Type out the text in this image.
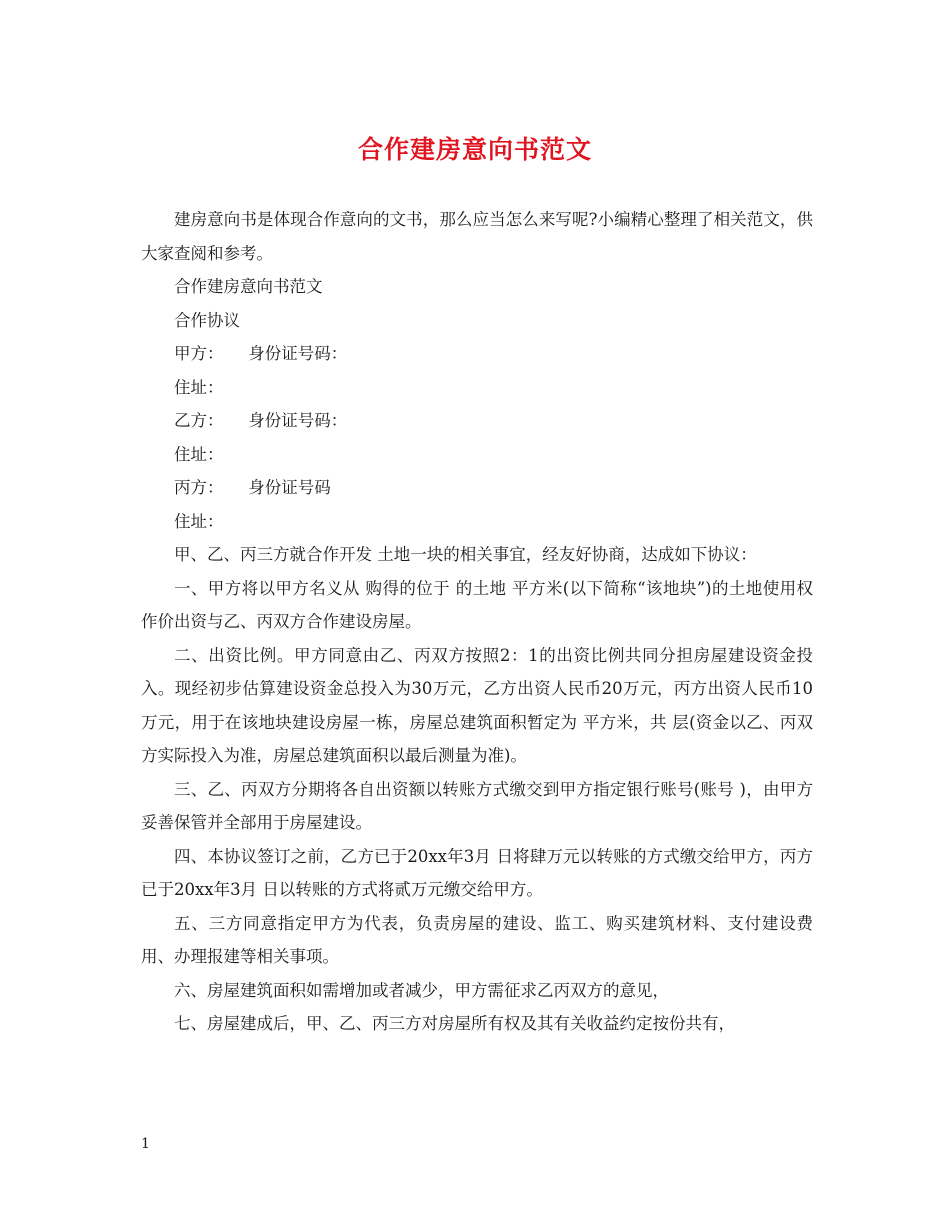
合作建房意向书范文

建房意向书是体现合作意向的文书，那么应当怎么来写呢?小编精心整理了相关范文，供大家查阅和参考。

合作建房意向书范文

合作协议

甲方： 身份证号码：

住址：

乙方： 身份证号码：

住址：

丙方： 身份证号码

住址：

甲、乙、丙三方就合作开发 土地一块的相关事宜，经友好协商，达成如下协议：

一、甲方将以甲方名义从 购得的位于 的土地 平方米(以下简称“该地块”)的土地使用权作价出资与乙、丙双方合作建设房屋。

二、出资比例。甲方同意由乙、丙双方按照2：1的出资比例共同分担房屋建设资金投入。现经初步估算建设资金总投入为30万元，乙方出资人民币20万元，丙方出资人民币10万元，用于在该地块建设房屋一栋，房屋总建筑面积暂定为 平方米，共 层(资金以乙、丙双方实际投入为准，房屋总建筑面积以最后测量为准)。

三、乙、丙双方分期将各自出资额以转账方式缴交到甲方指定银行账号(账号 )，由甲方妥善保管并全部用于房屋建设。

四、本协议签订之前，乙方已于20xx年3月 日将肆万元以转账的方式缴交给甲方，丙方已于20xx年3月 日以转账的方式将贰万元缴交给甲方。

五、三方同意指定甲方为代表，负责房屋的建设、监工、购买建筑材料、支付建设费用、办理报建等相关事项。

六、房屋建筑面积如需增加或者减少，甲方需征求乙丙双方的意见，

七、房屋建成后，甲、乙、丙三方对房屋所有权及其有关收益约定按份共有，

1
